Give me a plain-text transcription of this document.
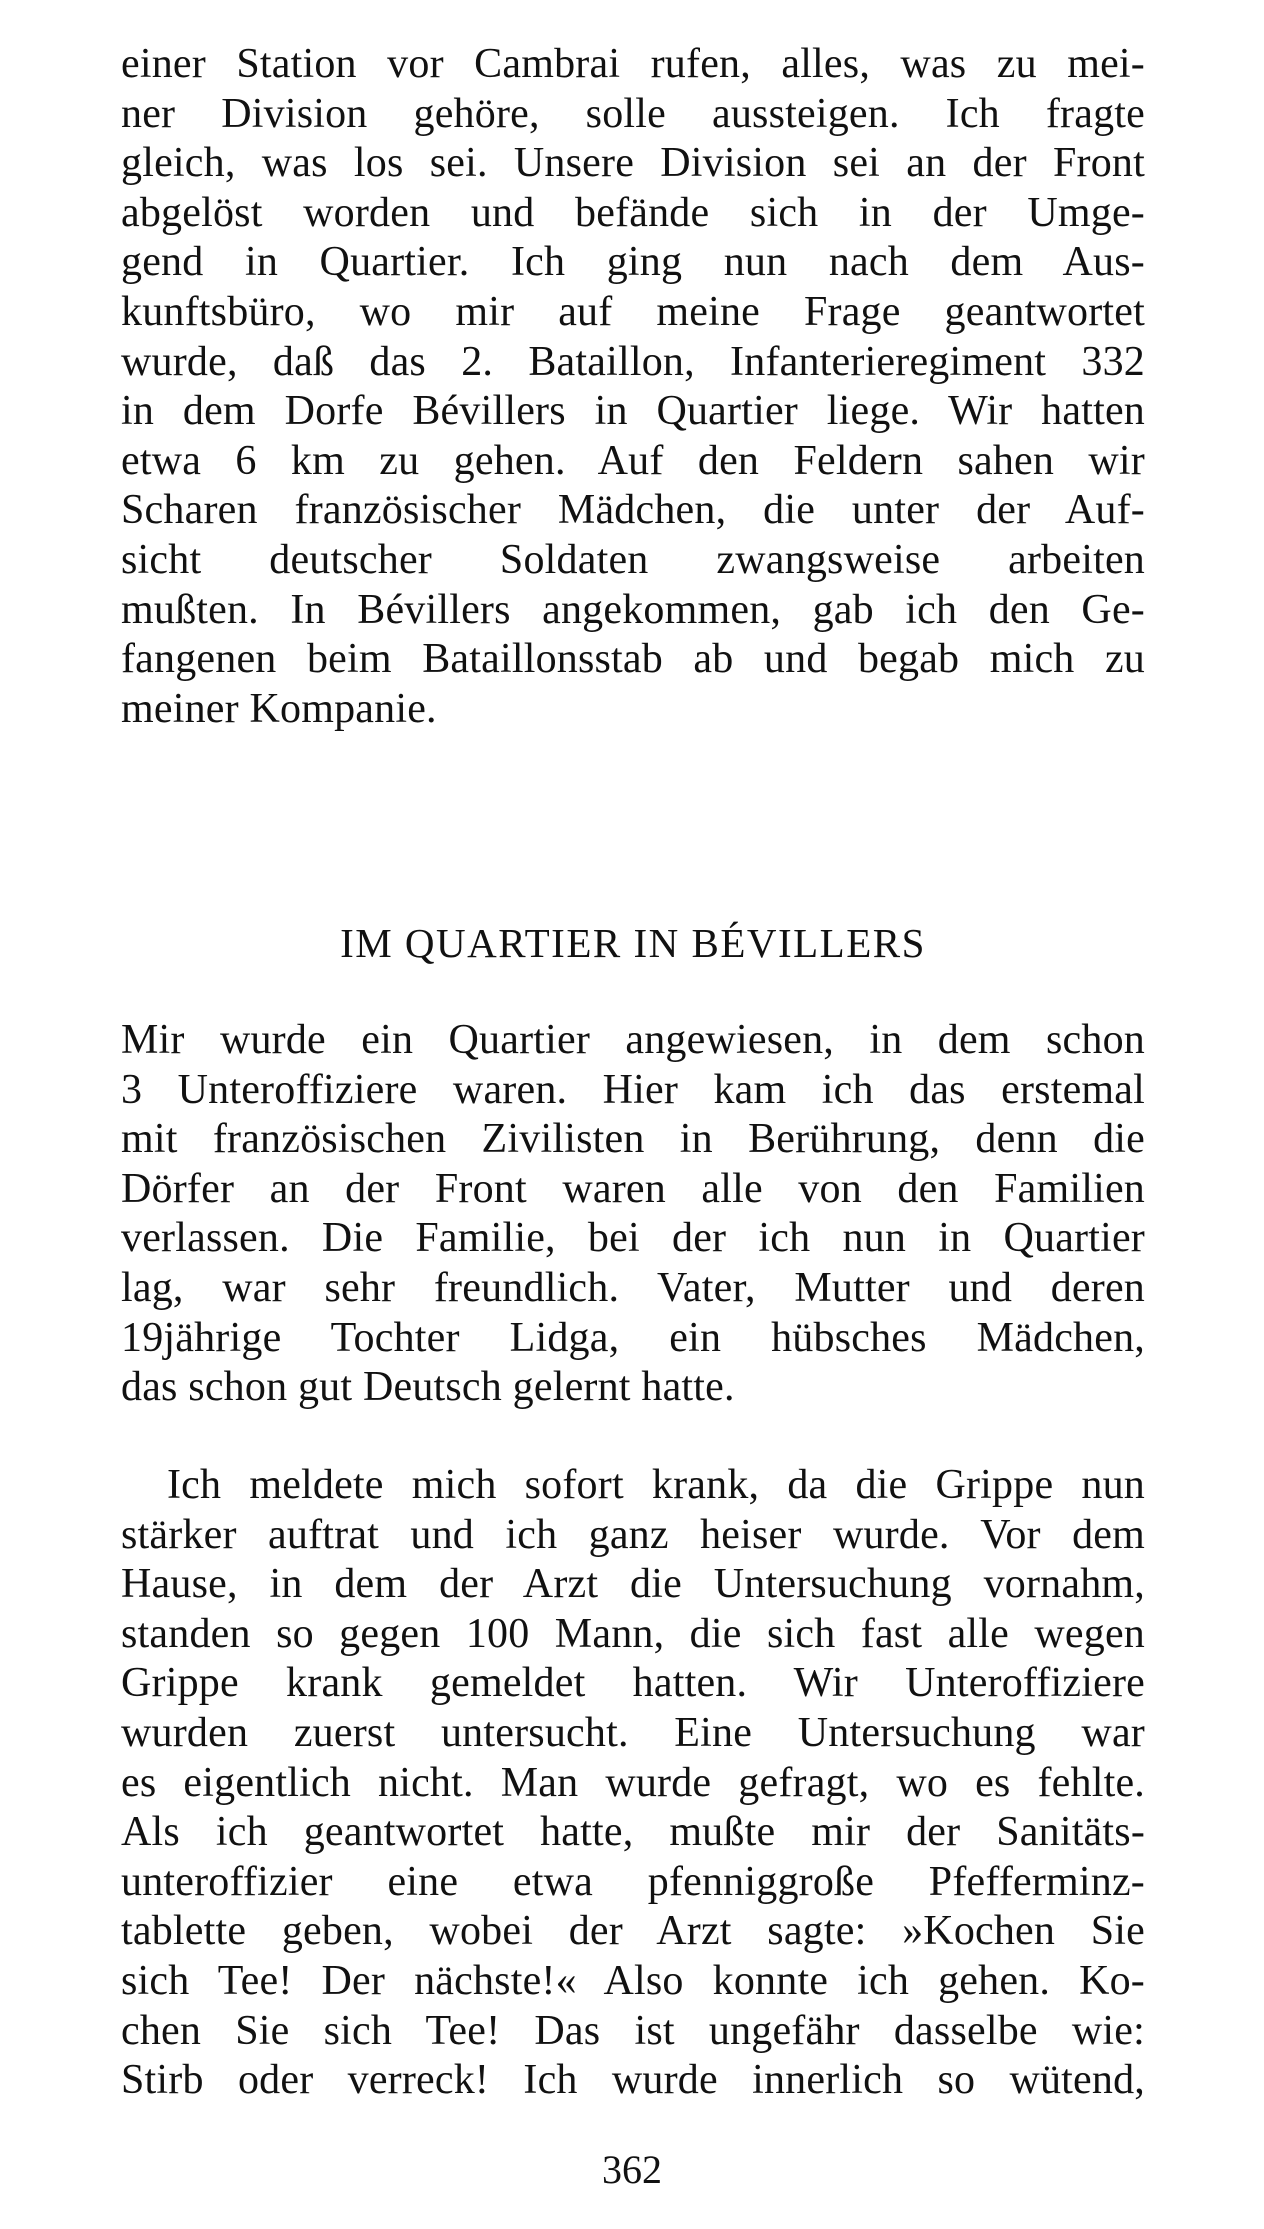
einer Station vor Cambrai rufen, alles, was zu mei-
ner Division gehöre, solle aussteigen. Ich fragte
gleich, was los sei. Unsere Division sei an der Front
abgelöst worden und befände sich in der Umge-
gend in Quartier. Ich ging nun nach dem Aus-
kunftsbüro, wo mir auf meine Frage geantwortet
wurde, daß das 2. Bataillon, Infanterieregiment 332
in dem Dorfe Bévillers in Quartier liege. Wir hatten
etwa 6 km zu gehen. Auf den Feldern sahen wir
Scharen französischer Mädchen, die unter der Auf-
sicht deutscher Soldaten zwangsweise arbeiten
mußten. In Bévillers angekommen, gab ich den Ge-
fangenen beim Bataillonsstab ab und begab mich zu
meiner Kompanie.
IM QUARTIER IN BÉVILLERS
Mir wurde ein Quartier angewiesen, in dem schon
3 Unteroffiziere waren. Hier kam ich das erstemal
mit französischen Zivilisten in Berührung, denn die
Dörfer an der Front waren alle von den Familien
verlassen. Die Familie, bei der ich nun in Quartier
lag, war sehr freundlich. Vater, Mutter und deren
19jährige Tochter Lidga, ein hübsches Mädchen,
das schon gut Deutsch gelernt hatte.
Ich meldete mich sofort krank, da die Grippe nun
stärker auftrat und ich ganz heiser wurde. Vor dem
Hause, in dem der Arzt die Untersuchung vornahm,
standen so gegen 100 Mann, die sich fast alle wegen
Grippe krank gemeldet hatten. Wir Unteroffiziere
wurden zuerst untersucht. Eine Untersuchung war
es eigentlich nicht. Man wurde gefragt, wo es fehlte.
Als ich geantwortet hatte, mußte mir der Sanitäts-
unteroffizier eine etwa pfenniggroße Pfefferminz-
tablette geben, wobei der Arzt sagte: »Kochen Sie
sich Tee! Der nächste!« Also konnte ich gehen. Ko-
chen Sie sich Tee! Das ist ungefähr dasselbe wie:
Stirb oder verreck! Ich wurde innerlich so wütend,
362
